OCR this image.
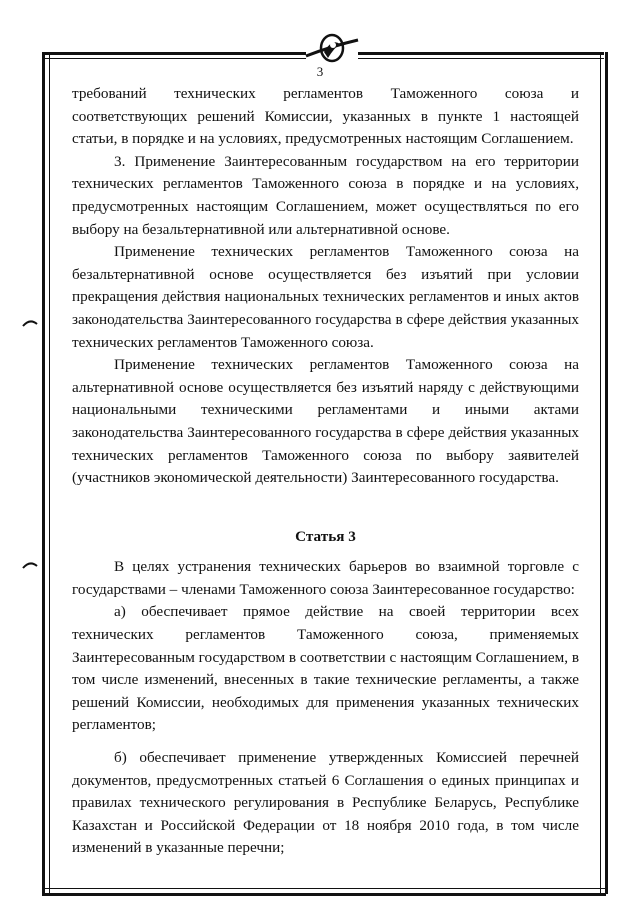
3

требований технических регламентов Таможенного союза и соответствующих решений Комиссии, указанных в пункте 1 настоящей статьи, в порядке и на условиях, предусмотренных настоящим Соглашением.

3. Применение Заинтересованным государством на его территории технических регламентов Таможенного союза в порядке и на условиях, предусмотренных настоящим Соглашением, может осуществляться по его выбору на безальтернативной или альтернативной основе.

Применение технических регламентов Таможенного союза на безальтернативной основе осуществляется без изъятий при условии прекращения действия национальных технических регламентов и иных актов законодательства Заинтересованного государства в сфере действия указанных технических регламентов Таможенного союза.

Применение технических регламентов Таможенного союза на альтернативной основе осуществляется без изъятий наряду с действующими национальными техническими регламентами и иными актами законодательства Заинтересованного государства в сфере действия указанных технических регламентов Таможенного союза по выбору заявителей (участников экономической деятельности) Заинтересованного государства.

Статья 3

В целях устранения технических барьеров во взаимной торговле с государствами – членами Таможенного союза Заинтересованное государство:

а) обеспечивает прямое действие на своей территории всех технических регламентов Таможенного союза, применяемых Заинтересованным государством в соответствии с настоящим Соглашением, в том числе изменений, внесенных в такие технические регламенты, а также решений Комиссии, необходимых для применения указанных технических регламентов;

б) обеспечивает применение утвержденных Комиссией перечней документов, предусмотренных статьей 6 Соглашения о единых принципах и правилах технического регулирования в Республике Беларусь, Республике Казахстан и Российской Федерации от 18 ноября 2010 года, в том числе изменений в указанные перечни;
